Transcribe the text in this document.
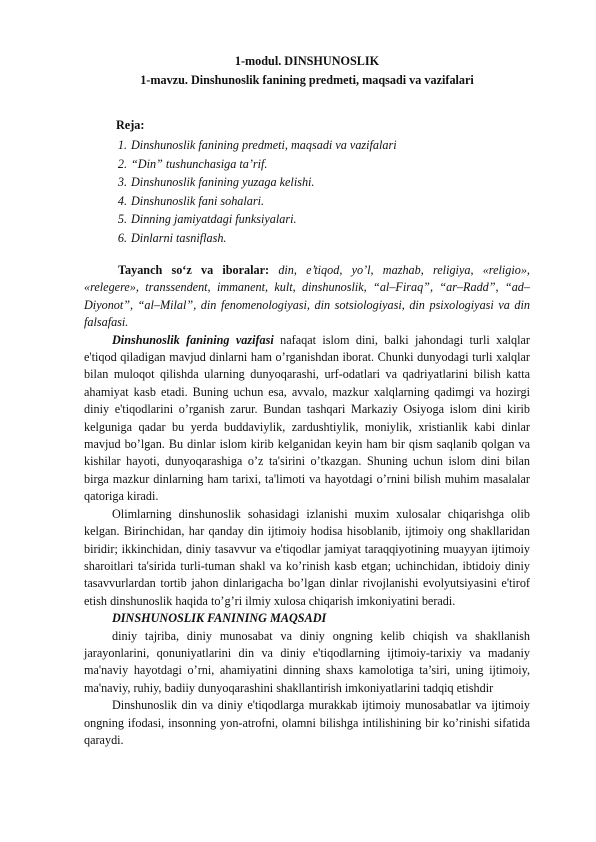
1-modul. DINSHUNOSLIK
1-mavzu. Dinshunoslik fanining predmeti, maqsadi va vazifalari
Reja:
1. Dinshunoslik fanining predmeti, maqsadi va vazifalari
2. “Din” tushunchasiga ta’rif.
3. Dinshunoslik fanining yuzaga kelishi.
4. Dinshunoslik fani sohalari.
5. Dinning jamiyatdagi funksiyalari.
6. Dinlarni tasniflash.

Tayanch so‘z va iboralar: din, e’tiqod, yo’l, mazhab, religiya, «religio», «relegere», transsendent, immanent, kult, dinshunoslik, “al–Firaq”, “ar–Radd”, “ad–Diyonot”, “al–Milal”, din fenomenologiyasi, din sotsiologiyasi, din psixologiyasi va din falsafasi.

Dinshunoslik fanining vazifasi nafaqat islom dini, balki jahondagi turli xalqlar e'tiqod qiladigan mavjud dinlarni ham o’rganishdan iborat. Chunki dunyodagi turli xalqlar bilan muloqot qilishda ularning dunyoqarashi, urf-odatlari va qadriyatlarini bilish katta ahamiyat kasb etadi. Buning uchun esa, avvalo, mazkur xalqlarning qadimgi va hozirgi diniy e'tiqodlarini o’rganish zarur. Bundan tashqari Markaziy Osiyoga islom dini kirib kelguniga qadar bu yerda buddaviylik, zardushtiylik, moniylik, xristianlik kabi dinlar mavjud bo’lgan. Bu dinlar islom kirib kelganidan keyin ham bir qism saqlanib qolgan va kishilar hayoti, dunyoqarashiga o’z ta'sirini o’tkazgan. Shuning uchun islom dini bilan birga mazkur dinlarning ham tarixi, ta'limoti va hayotdagi o’rnini bilish muhim masalalar qatoriga kiradi.

Olimlarning dinshunoslik sohasidagi izlanishi muxim xulosalar chiqarishga olib kelgan. Birinchidan, har qanday din ijtimoiy hodisa hisoblanib, ijtimoiy ong shakllaridan biridir; ikkinchidan, diniy tasavvur va e'tiqodlar jamiyat taraqqiyotining muayyan ijtimoiy sharoitlari ta'sirida turli-tuman shakl va ko’rinish kasb etgan; uchinchidan, ibtidoiy diniy tasavvurlardan tortib jahon dinlarigacha bo’lgan dinlar rivojlanishi evolyutsiyasini e'tirof etish dinshunoslik haqida to’g’ri ilmiy xulosa chiqarish imkoniyatini beradi.

DINSHUNOSLIK FANINING MAQSADI

diniy tajriba, diniy munosabat va diniy ongning kelib chiqish va shakllanish jarayonlarini, qonuniyatlarini din va diniy e'tiqodlarning ijtimoiy-tarixiy va madaniy ma'naviy hayotdagi o’rni, ahamiyatini dinning shaxs kamolotiga ta’siri, uning ijtimoiy, ma'naviy, ruhiy, badiiy dunyoqarashini shakllantirish imkoniyatlarini tadqiq etishdir

Dinshunoslik din va diniy e'tiqodlarga murakkab ijtimoiy munosabatlar va ijtimoiy ongning ifodasi, insonning yon-atrofni, olamni bilishga intilishining bir ko’rinishi sifatida qaraydi.
